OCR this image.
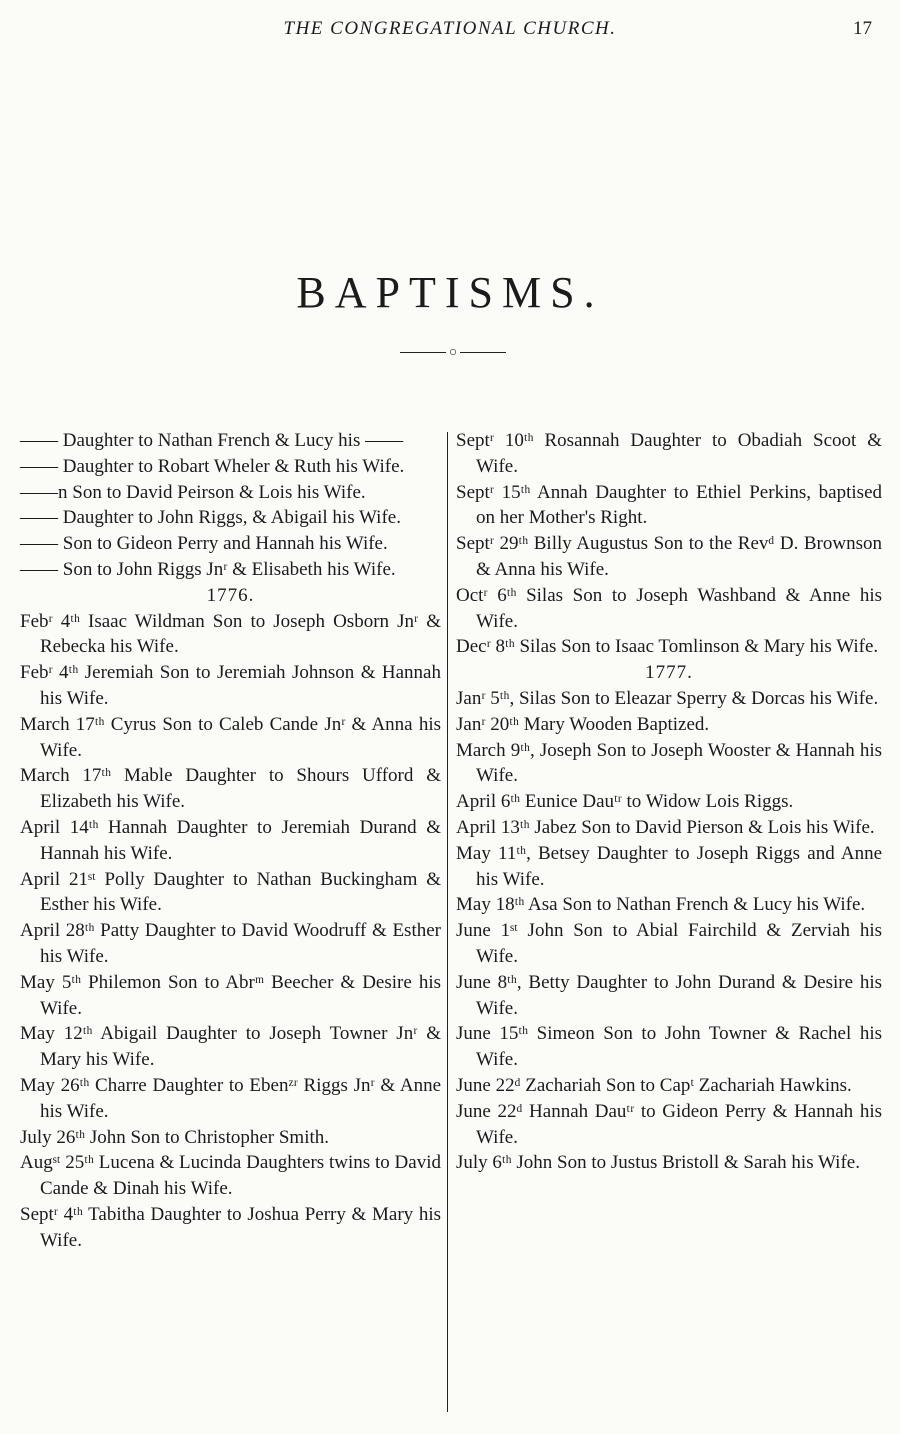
THE CONGREGATIONAL CHURCH.	17
BAPTISMS.

—— Daughter to Nathan French & Lucy his ——

—— Daughter to Robart Wheler & Ruth his Wife.

——n Son to David Peirson & Lois his Wife.

—— Daughter to John Riggs, & Abigail his Wife.

—— Son to Gideon Perry and Hannah his Wife.

—— Son to John Riggs Jnʳ & Elisabeth his Wife.

1776.

Febʳ 4ᵗʰ Isaac Wildman Son to Joseph Osborn Jnʳ & Rebecka his Wife.

Febʳ 4ᵗʰ Jeremiah Son to Jeremiah Johnson & Hannah his Wife.

March 17ᵗʰ Cyrus Son to Caleb Cande Jnʳ & Anna his Wife.

March 17ᵗʰ Mable Daughter to Shours Ufford & Elizabeth his Wife.

April 14ᵗʰ Hannah Daughter to Jeremiah Durand & Hannah his Wife.

April 21ˢᵗ Polly Daughter to Nathan Buckingham & Esther his Wife.

April 28ᵗʰ Patty Daughter to David Woodruff & Esther his Wife.

May 5ᵗʰ Philemon Son to Abrᵐ Beecher & Desire his Wife.

May 12ᵗʰ Abigail Daughter to Joseph Towner Jnʳ & Mary his Wife.

May 26ᵗʰ Charre Daughter to Ebenᶻʳ Riggs Jnʳ & Anne his Wife.

July 26ᵗʰ John Son to Christopher Smith.

Augˢᵗ 25ᵗʰ Lucena & Lucinda Daughters twins to David Cande & Dinah his Wife.

Septʳ 4ᵗʰ Tabitha Daughter to Joshua Perry & Mary his Wife.

Septʳ 10ᵗʰ Rosannah Daughter to Obadiah Scoot & Wife.

Septʳ 15ᵗʰ Annah Daughter to Ethiel Perkins, baptised on her Mother's Right.

Septʳ 29ᵗʰ Billy Augustus Son to the Revᵈ D. Brownson & Anna his Wife.

Octʳ 6ᵗʰ Silas Son to Joseph Washband & Anne his Wife.

Decʳ 8ᵗʰ Silas Son to Isaac Tomlinson & Mary his Wife.

1777.

Janʳ 5ᵗʰ, Silas Son to Eleazar Sperry & Dorcas his Wife.

Janʳ 20ᵗʰ Mary Wooden Baptized.

March 9ᵗʰ, Joseph Son to Joseph Wooster & Hannah his Wife.

April 6ᵗʰ Eunice Dauᵗʳ to Widow Lois Riggs.

April 13ᵗʰ Jabez Son to David Pierson & Lois his Wife.

May 11ᵗʰ, Betsey Daughter to Joseph Riggs and Anne his Wife.

May 18ᵗʰ Asa Son to Nathan French & Lucy his Wife.

June 1ˢᵗ John Son to Abial Fairchild & Zerviah his Wife.

June 8ᵗʰ, Betty Daughter to John Durand & Desire his Wife.

June 15ᵗʰ Simeon Son to John Towner & Rachel his Wife.

June 22ᵈ Zachariah Son to Capᵗ Zachariah Hawkins.

June 22ᵈ Hannah Dauᵗʳ to Gideon Perry & Hannah his Wife.

July 6ᵗʰ John Son to Justus Bristoll & Sarah his Wife.
